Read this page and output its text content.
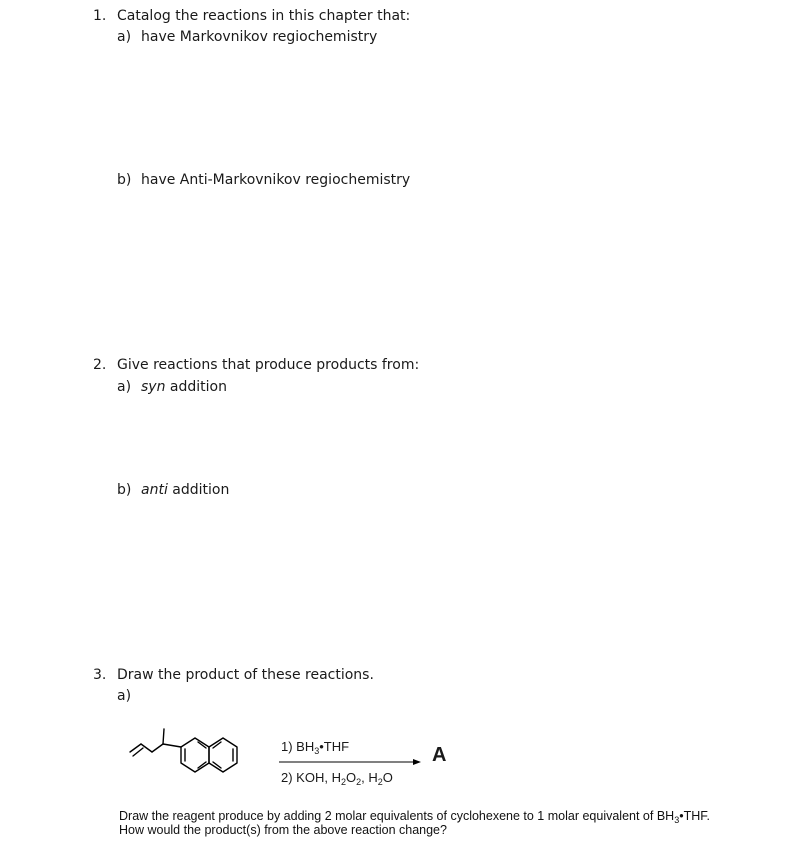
1. Catalog the reactions in this chapter that:
a) have Markovnikov regiochemistry
b) have Anti-Markovnikov regiochemistry
2. Give reactions that produce products from:
a) syn addition
b) anti addition
3. Draw the product of these reactions.
a)
1) $BH_3•THF$
2) KOH, $H_2O_2$, $H_2O$
A
Draw the reagent produce by adding 2 molar equivalents of cyclohexene to 1 molar equivalent of $BH_3•THF$.
How would the product(s) from the above reaction change?
